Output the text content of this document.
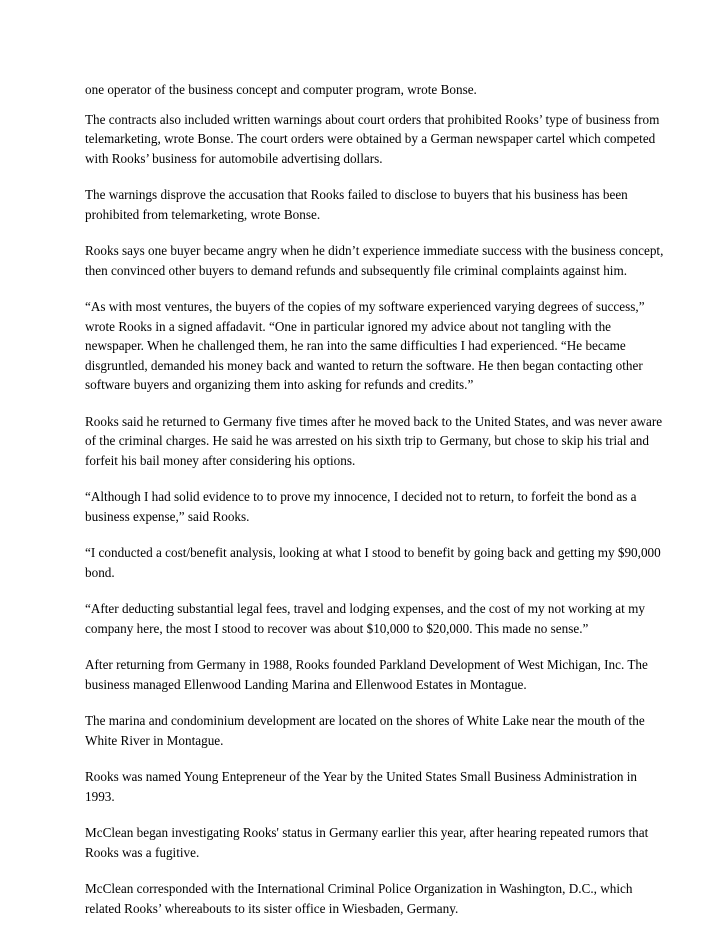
one operator of the business concept and computer program, wrote Bonse.

The contracts also included written warnings about court orders that prohibited Rooks’ type of business from telemarketing, wrote Bonse. The court orders were obtained by a German newspaper cartel which competed with Rooks’ business for automobile advertising dollars.

The warnings disprove the accusation that Rooks failed to disclose to buyers that his business has been prohibited from telemarketing, wrote Bonse.

Rooks says one buyer became angry when he didn’t experience immediate success with the business concept, then convinced other buyers to demand refunds and subsequently file criminal complaints against him.

“As with most ventures, the buyers of the copies of my software experienced varying degrees of success,” wrote Rooks in a signed affadavit. “One in particular ignored my advice about not tangling with the newspaper. When he challenged them, he ran into the same difficulties I had experienced. “He became disgruntled, demanded his money back and wanted to return the software. He then began contacting other software buyers and organizing them into asking for refunds and credits.”

Rooks said he returned to Germany five times after he moved back to the United States, and was never aware of the criminal charges. He said he was arrested on his sixth trip to Germany, but chose to skip his trial and forfeit his bail money after considering his options.

“Although I had solid evidence to to prove my innocence, I decided not to return, to forfeit the bond as a business expense,” said Rooks.

“I conducted a cost/benefit analysis, looking at what I stood to benefit by going back and getting my $90,000 bond.

“After deducting substantial legal fees, travel and lodging expenses, and the cost of my not working at my company here, the most I stood to recover was about $10,000 to $20,000. This made no sense.”

After returning from Germany in 1988, Rooks founded Parkland Development of West Michigan, Inc. The business managed Ellenwood Landing Marina and Ellenwood Estates in Montague.

The marina and condominium development are located on the shores of White Lake near the mouth of the White River in Montague.

Rooks was named Young Entepreneur of the Year by the United States Small Business Administration in 1993.

McClean began investigating Rooks' status in Germany earlier this year, after hearing repeated rumors that Rooks was a fugitive.

McClean corresponded with the International Criminal Police Organization in Washington, D.C., which related Rooks’ whereabouts to its sister office in Wiesbaden, Germany.
